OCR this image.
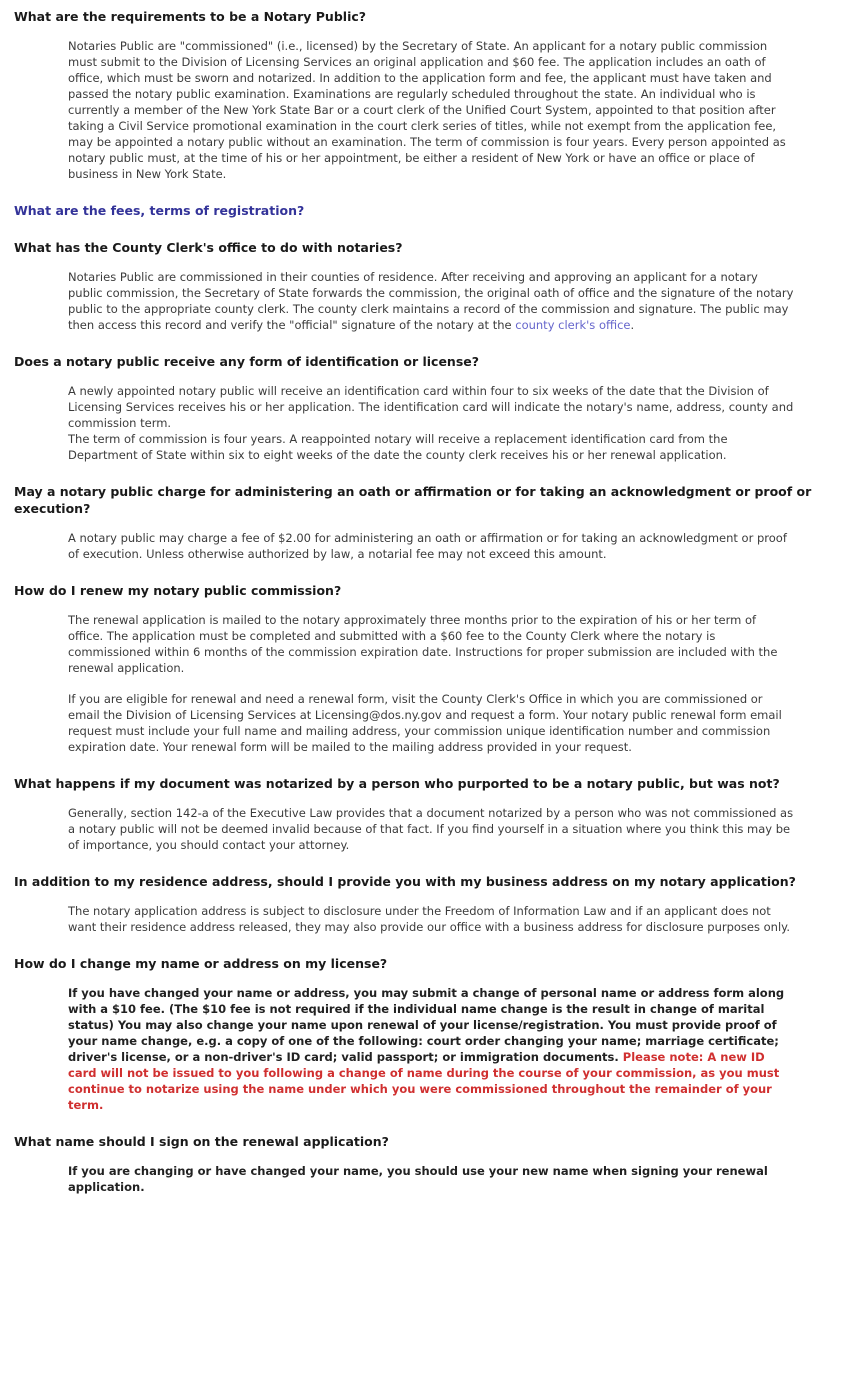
What are the requirements to be a Notary Public?
Notaries Public are "commissioned" (i.e., licensed) by the Secretary of State. An applicant for a notary public commission must submit to the Division of Licensing Services an original application and $60 fee. The application includes an oath of office, which must be sworn and notarized. In addition to the application form and fee, the applicant must have taken and passed the notary public examination. Examinations are regularly scheduled throughout the state. An individual who is currently a member of the New York State Bar or a court clerk of the Unified Court System, appointed to that position after taking a Civil Service promotional examination in the court clerk series of titles, while not exempt from the application fee, may be appointed a notary public without an examination. The term of commission is four years. Every person appointed as notary public must, at the time of his or her appointment, be either a resident of New York or have an office or place of business in New York State.
What are the fees, terms of registration?
What has the County Clerk's office to do with notaries?
Notaries Public are commissioned in their counties of residence. After receiving and approving an applicant for a notary public commission, the Secretary of State forwards the commission, the original oath of office and the signature of the notary public to the appropriate county clerk. The county clerk maintains a record of the commission and signature. The public may then access this record and verify the "official" signature of the notary at the county clerk's office.
Does a notary public receive any form of identification or license?
A newly appointed notary public will receive an identification card within four to six weeks of the date that the Division of Licensing Services receives his or her application. The identification card will indicate the notary's name, address, county and commission term.
The term of commission is four years. A reappointed notary will receive a replacement identification card from the Department of State within six to eight weeks of the date the county clerk receives his or her renewal application.
May a notary public charge for administering an oath or affirmation or for taking an acknowledgment or proof or execution?
A notary public may charge a fee of $2.00 for administering an oath or affirmation or for taking an acknowledgment or proof of execution. Unless otherwise authorized by law, a notarial fee may not exceed this amount.
How do I renew my notary public commission?
The renewal application is mailed to the notary approximately three months prior to the expiration of his or her term of office. The application must be completed and submitted with a $60 fee to the County Clerk where the notary is commissioned within 6 months of the commission expiration date. Instructions for proper submission are included with the renewal application.
If you are eligible for renewal and need a renewal form, visit the County Clerk's Office in which you are commissioned or email the Division of Licensing Services at Licensing@dos.ny.gov and request a form. Your notary public renewal form email request must include your full name and mailing address, your commission unique identification number and commission expiration date. Your renewal form will be mailed to the mailing address provided in your request.
What happens if my document was notarized by a person who purported to be a notary public, but was not?
Generally, section 142-a of the Executive Law provides that a document notarized by a person who was not commissioned as a notary public will not be deemed invalid because of that fact. If you find yourself in a situation where you think this may be of importance, you should contact your attorney.
In addition to my residence address, should I provide you with my business address on my notary application?
The notary application address is subject to disclosure under the Freedom of Information Law and if an applicant does not want their residence address released, they may also provide our office with a business address for disclosure purposes only.
How do I change my name or address on my license?
If you have changed your name or address, you may submit a change of personal name or address form along with a $10 fee. (The $10 fee is not required if the individual name change is the result in change of marital status) You may also change your name upon renewal of your license/registration. You must provide proof of your name change, e.g. a copy of one of the following: court order changing your name; marriage certificate; driver's license, or a non-driver's ID card; valid passport; or immigration documents. Please note: A new ID card will not be issued to you following a change of name during the course of your commission, as you must continue to notarize using the name under which you were commissioned throughout the remainder of your term.
What name should I sign on the renewal application?
If you are changing or have changed your name, you should use your new name when signing your renewal application.
